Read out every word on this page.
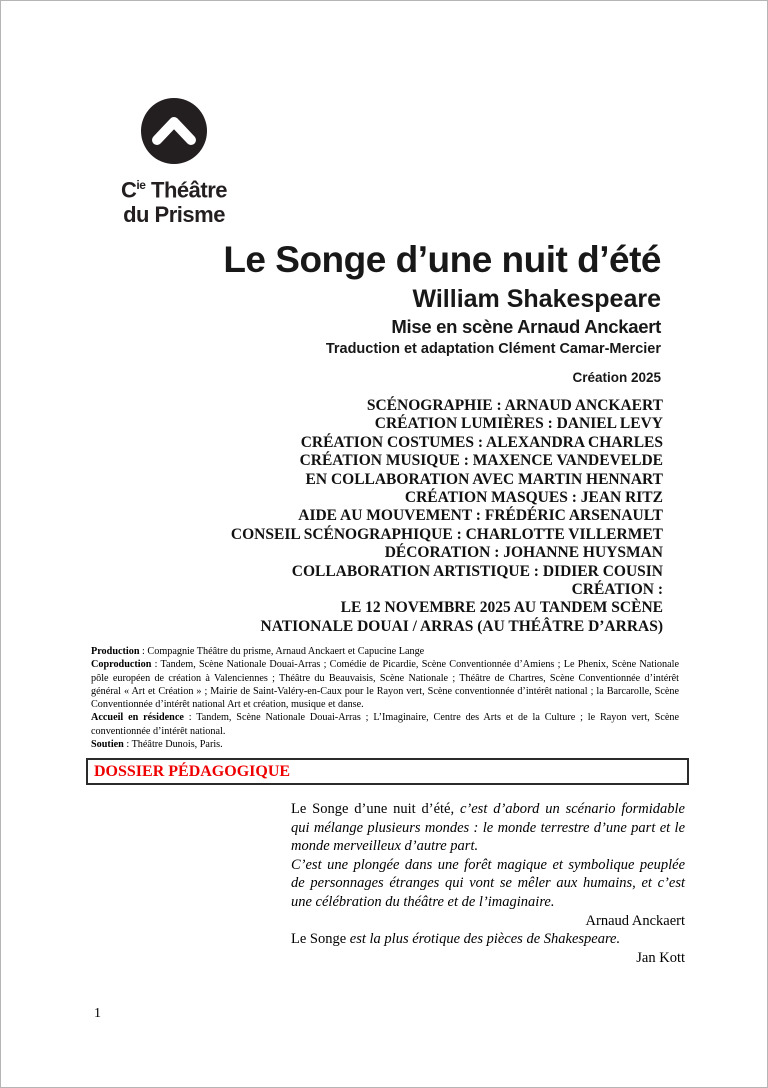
$C^{ie}$ Théâtre
du Prisme
Le Songe d’une nuit d’été
William Shakespeare
Mise en scène Arnaud Anckaert
Traduction et adaptation Clément Camar-Mercier
Création 2025
SCÉNOGRAPHIE : ARNAUD ANCKAERT
CRÉATION LUMIÈRES : DANIEL LEVY
CRÉATION COSTUMES : ALEXANDRA CHARLES
CRÉATION MUSIQUE : MAXENCE VANDEVELDE
EN COLLABORATION AVEC MARTIN HENNART
CRÉATION MASQUES : JEAN RITZ
AIDE AU MOUVEMENT : FRÉDÉRIC ARSENAULT
CONSEIL SCÉNOGRAPHIQUE : CHARLOTTE VILLERMET
DÉCORATION : JOHANNE HUYSMAN
COLLABORATION ARTISTIQUE : DIDIER COUSIN
CRÉATION :
LE 12 NOVEMBRE 2025 AU TANDEM SCÈNE
NATIONALE DOUAI / ARRAS (AU THÉÂTRE D’ARRAS)

Production : Compagnie Théâtre du prisme, Arnaud Anckaert et Capucine Lange

Coproduction : Tandem, Scène Nationale Douai-Arras ; Comédie de Picardie, Scène Conventionnée d’Amiens ; Le Phenix, Scène Nationale pôle européen de création à Valenciennes ; Théâtre du Beauvaisis, Scène Nationale ; Théâtre de Chartres, Scène Conventionnée d’intérêt général « Art et Création » ; Mairie de Saint-Valéry-en-Caux pour le Rayon vert, Scène conventionnée d’intérêt national ; la Barcarolle, Scène Conventionnée d’intérêt national Art et création, musique et danse.

Accueil en résidence : Tandem, Scène Nationale Douai-Arras ; L’Imaginaire, Centre des Arts et de la Culture ; le Rayon vert, Scène conventionnée d’intérêt national.

Soutien : Théâtre Dunois, Paris.

DOSSIER PÉDAGOGIQUE

Le Songe d’une nuit d’été, c’est d’abord un scénario formidable qui mélange plusieurs mondes : le monde terrestre d’une part et le monde merveilleux d’autre part.

C’est une plongée dans une forêt magique et symbolique peuplée de personnages étranges qui vont se mêler aux humains, et c’est une célébration du théâtre et de l’imaginaire.

Arnaud Anckaert

Le Songe est la plus érotique des pièces de Shakespeare.

Jan Kott
1
